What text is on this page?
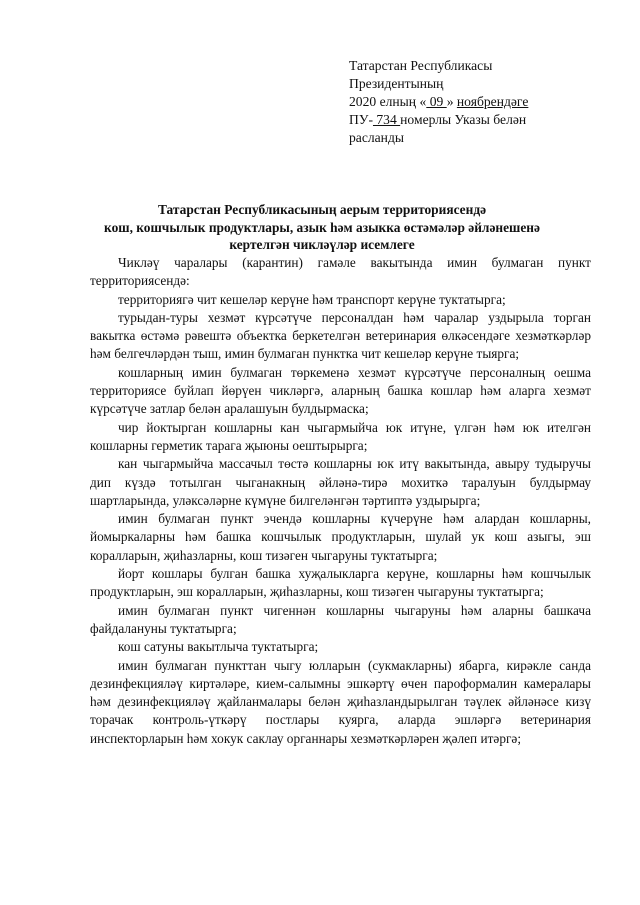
Татарстан Республикасы
Президентының
2020 елның « 09 » ноябрендәге
ПУ- 734 номерлы Указы белән
расланды
Татарстан Республикасының аерым территориясендә
кош, кошчылык продуктлары, азык һәм азыкка өстәмәләр әйләнешенә
кертелгән чикләүләр исемлеге

Чикләү чаралары (карантин) гамәле вакытында имин булмаган пункт территориясендә:

территориягә чит кешеләр керүне һәм транспорт керүне туктатырга;

турыдан-туры хезмәт күрсәтүче персоналдан һәм чаралар уздырыла торган вакытка өстәмә рәвештә объектка беркетелгән ветеринария өлкәсендәге хезмәткәрләр һәм белгечләрдән тыш, имин булмаган пунктка чит кешеләр керүне тыярга;

кошларның имин булмаган төркеменә хезмәт күрсәтүче персоналның оешма территориясе буйлап йөрүен чикләргә, аларның башка кошлар һәм аларга хезмәт күрсәтүче затлар белән аралашуын булдырмаска;

чир йоктырган кошларны кан чыгармыйча юк итүне, үлгән һәм юк ителгән кошларны герметик тарага җыюны оештырырга;

кан чыгармыйча массачыл төстә кошларны юк итү вакытында, авыру тудыручы дип күздә тотылган чыганакның әйләнә-тирә мохиткә таралуын булдырмау шартларында, уләксәләрне күмүне билгеләнгән тәртиптә уздырырга;

имин булмаган пункт эчендә кошларны күчерүне һәм алардан кошларны, йомыркаларны һәм башка кошчылык продуктларын, шулай ук кош азыгы, эш коралларын, җиһазларны, кош тизәген чыгаруны туктатырга;

йорт кошлары булган башка хуҗалыкларга керүне, кошларны һәм кошчылык продуктларын, эш коралларын, җиһазларны, кош тизәген чыгаруны туктатырга;

имин булмаган пункт чигеннән кошларны чыгаруны һәм аларны башкача файдалануны туктатырга;

кош сатуны вакытлыча туктатырга;

имин булмаган пункттан чыгу юлларын (сукмакларны) ябарга, кирәкле санда дезинфекцияләү киртәләре, кием-салымны эшкәртү өчен пароформалин камералары һәм дезинфекцияләү җайланмалары белән җиһазландырылган тәүлек әйләнәсе кизү торачак контроль-үткәрү постлары куярга, аларда эшләргә ветеринария инспекторларын һәм хокук саклау органнары хезмәткәрләрен җәлеп итәргә;
